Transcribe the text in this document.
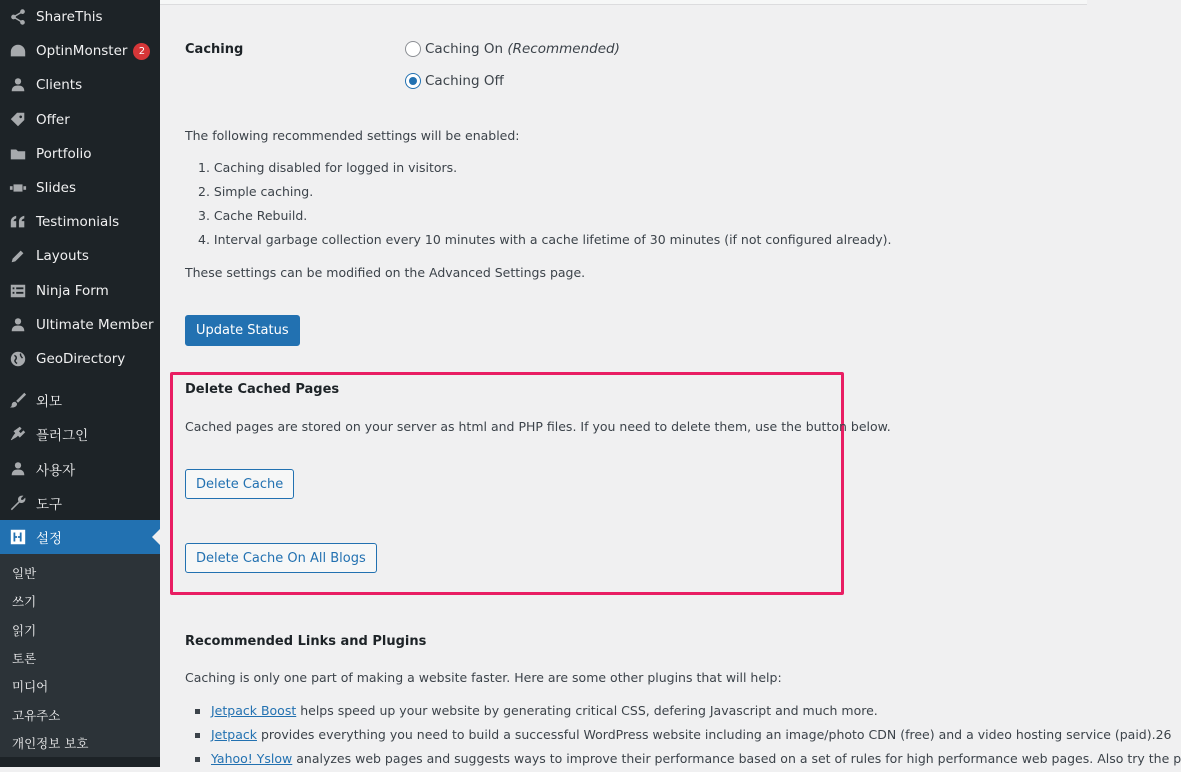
ShareThis
OptinMonster	2
Clients
Offer
Portfolio
Slides
Testimonials
Layouts
Ninja Form
Ultimate Member
GeoDirectory
외모
플러그인
사용자
도구
설정
일반
쓰기
읽기
토론
미디어
고유주소
개인정보 보호
Caching	Caching On (Recommended)
Caching Off
The following recommended settings will be enabled:
1. Caching disabled for logged in visitors.
2. Simple caching.
3. Cache Rebuild.
4. Interval garbage collection every 10 minutes with a cache lifetime of 30 minutes (if not configured already).
These settings can be modified on the Advanced Settings page.
Update Status
Delete Cached Pages
Cached pages are stored on your server as html and PHP files. If you need to delete them, use the button below.
Delete Cache
Delete Cache On All Blogs
Recommended Links and Plugins
Caching is only one part of making a website faster. Here are some other plugins that will help:
Jetpack Boost helps speed up your website by generating critical CSS, defering Javascript and much more.
Jetpack provides everything you need to build a successful WordPress website including an image/photo CDN (free) and a video hosting service (paid).26
Yahoo! Yslow analyzes web pages and suggests ways to improve their performance based on a set of rules for high performance web pages. Also try the p
